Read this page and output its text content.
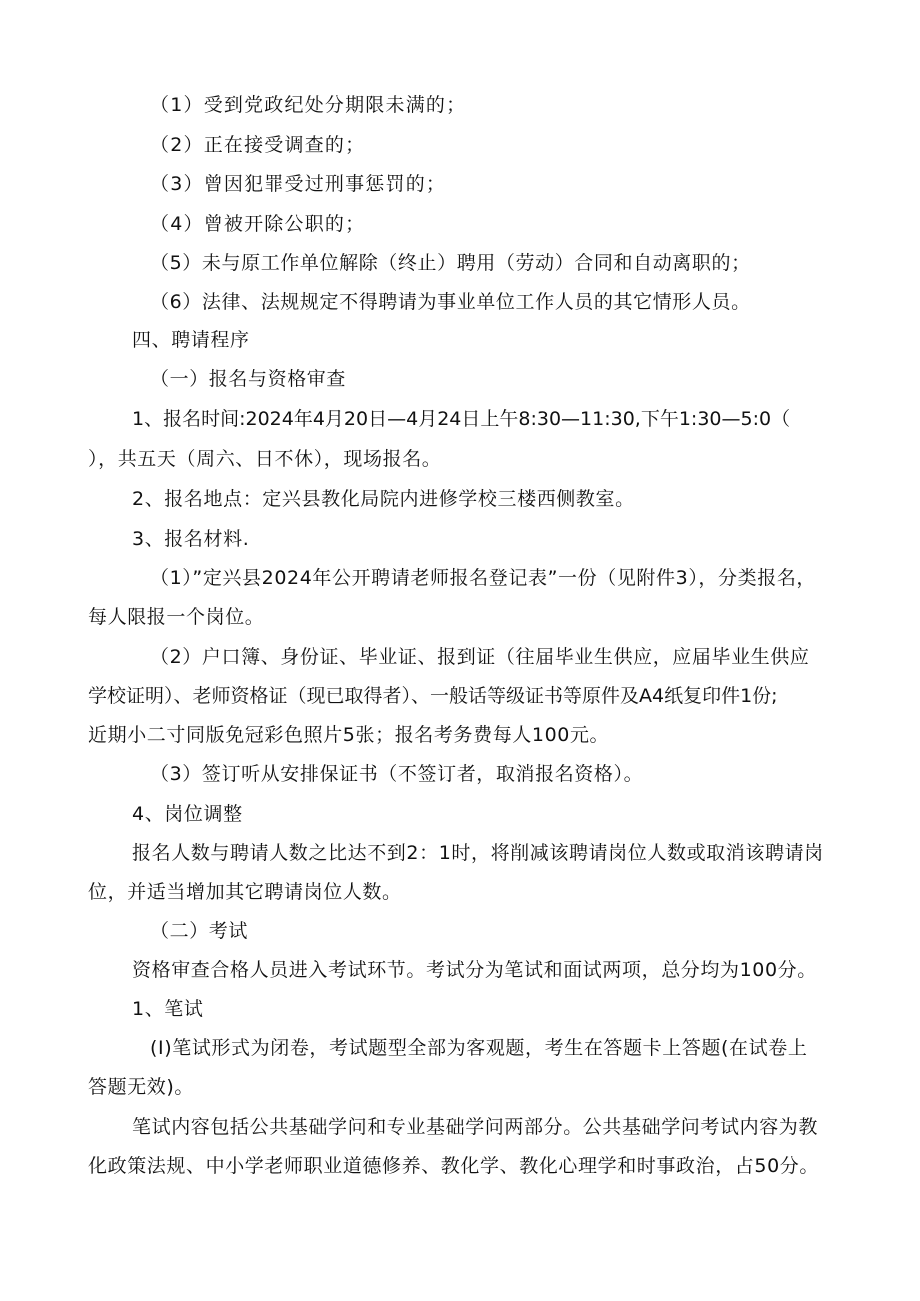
（1）受到党政纪处分期限未满的；
（2）正在接受调查的；
（3）曾因犯罪受过刑事惩罚的；
（4）曾被开除公职的；
（5）未与原工作单位解除（终止）聘用（劳动）合同和自动离职的；
（6）法律、法规规定不得聘请为事业单位工作人员的其它情形人员。
四、聘请程序
（一）报名与资格审查
1、报名时间:2024年4月20日—4月24日上午8:30—11:30,下午1:30—5:0（
），共五天（周六、日不休），现场报名。
2、报名地点：定兴县教化局院内进修学校三楼西侧教室。
3、报名材料.
（1）”定兴县2024年公开聘请老师报名登记表”一份（见附件3），分类报名，
每人限报一个岗位。
（2）户口簿、身份证、毕业证、报到证（往届毕业生供应，应届毕业生供应
学校证明）、老师资格证（现已取得者）、一般话等级证书等原件及A4纸复印件1份;
近期小二寸同版免冠彩色照片5张；报名考务费每人100元。
（3）签订听从安排保证书（不签订者，取消报名资格）。
4、岗位调整
报名人数与聘请人数之比达不到2：1时，将削减该聘请岗位人数或取消该聘请岗
位，并适当增加其它聘请岗位人数。
（二）考试
资格审查合格人员进入考试环节。考试分为笔试和面试两项，总分均为100分。
1、笔试
(I)笔试形式为闭卷，考试题型全部为客观题，考生在答题卡上答题(在试卷上
答题无效)。
笔试内容包括公共基础学问和专业基础学问两部分。公共基础学问考试内容为教
化政策法规、中小学老师职业道德修养、教化学、教化心理学和时事政治，占50分。
